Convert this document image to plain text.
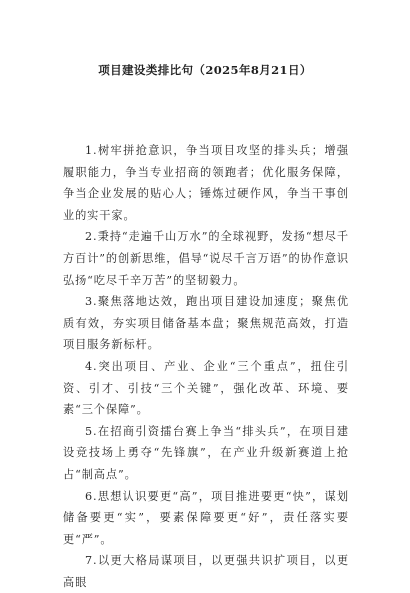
项目建设类排比句（2025年8月21日）

1.树牢拼抢意识，争当项目攻坚的排头兵；增强履职能力，争当专业招商的领跑者；优化服务保障，争当企业发展的贴心人；锤炼过硬作风，争当干事创业的实干家。

2.秉持“走遍千山万水”的全球视野，发扬“想尽千方百计”的创新思维，倡导“说尽千言万语”的协作意识弘扬“吃尽千辛万苦”的坚韧毅力。

3.聚焦落地达效，跑出项目建设加速度；聚焦优质有效，夯实项目储备基本盘；聚焦规范高效，打造项目服务新标杆。

4.突出项目、产业、企业“三个重点”，扭住引资、引才、引技“三个关键”，强化改革、环境、要素“三个保障”。

5.在招商引资擂台赛上争当“排头兵”，在项目建设竞技场上勇夺“先锋旗”，在产业升级新赛道上抢占“制高点”。

6.思想认识要更“高”，项目推进要更“快”，谋划储备要更“实”，要素保障要更“好”，责任落实要更“严”。

7.以更大格局谋项目，以更强共识扩项目，以更高眼
